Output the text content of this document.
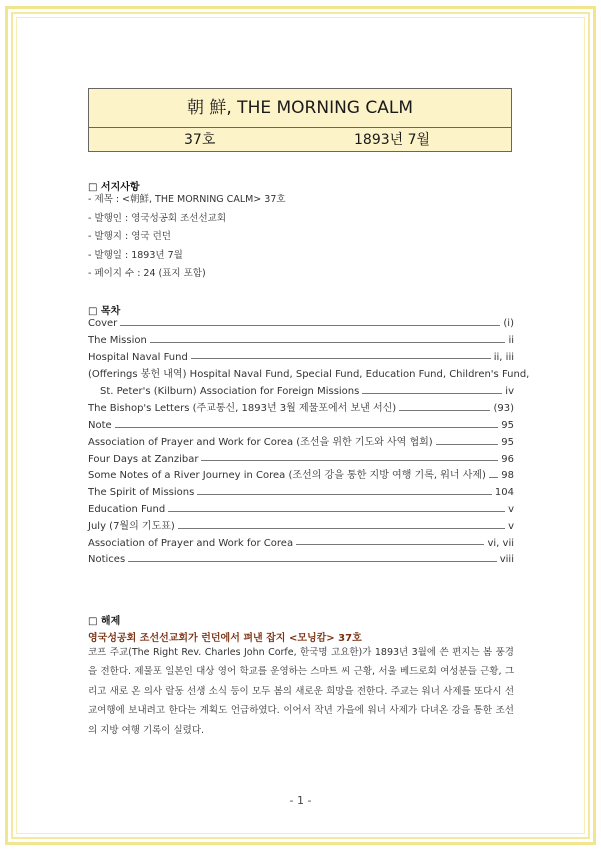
朝 鮮, THE MORNING CALM
37호	1893년 7월
□ 서지사항
- 제목 : <朝鮮, THE MORNING CALM> 37호
- 발행인 : 영국성공회 조선선교회
- 발행지 : 영국 런던
- 발행일 : 1893년 7월
- 페이지 수 : 24 (표지 포함)
□ 목차
Cover	(i)
The Mission	ii
Hospital Naval Fund	ii, iii
(Offerings 봉헌 내역) Hospital Naval Fund, Special Fund, Education Fund, Children's Fund,
St. Peter's (Kilburn) Association for Foreign Missions	iv
The Bishop's Letters (주교통신, 1893년 3월 제물포에서 보낸 서신)	(93)
Note	95
Association of Prayer and Work for Corea (조선을 위한 기도와 사역 협회)	95
Four Days at Zanzibar	96
Some Notes of a River Journey in Corea (조선의 강을 통한 지방 여행 기록, 워너 사제) 98
The Spirit of Missions	104
Education Fund	v
July (7월의 기도표)	v
Association of Prayer and Work for Corea	vi, vii
Notices	viii
□ 해제
영국성공회 조선선교회가 런던에서 펴낸 잡지 <모닝캄> 37호
코프 주교(The Right Rev. Charles John Corfe, 한국명 고요한)가 1893년 3월에 쓴 편지는 봄 풍경을 전한다. 제물포 일본인 대상 영어 학교를 운영하는 스마트 씨 근황, 서울 베드로회 여성분들 근황, 그리고 새로 온 의사 랄동 선생 소식 등이 모두 봄의 새로운 희망을 전한다. 주교는 워너 사제를 또다시 선교여행에 보내려고 한다는 계획도 언급하였다. 이어서 작년 가을에 워너 사제가 다녀온 강을 통한 조선의 지방 여행 기록이 실렸다.
- 1 -
